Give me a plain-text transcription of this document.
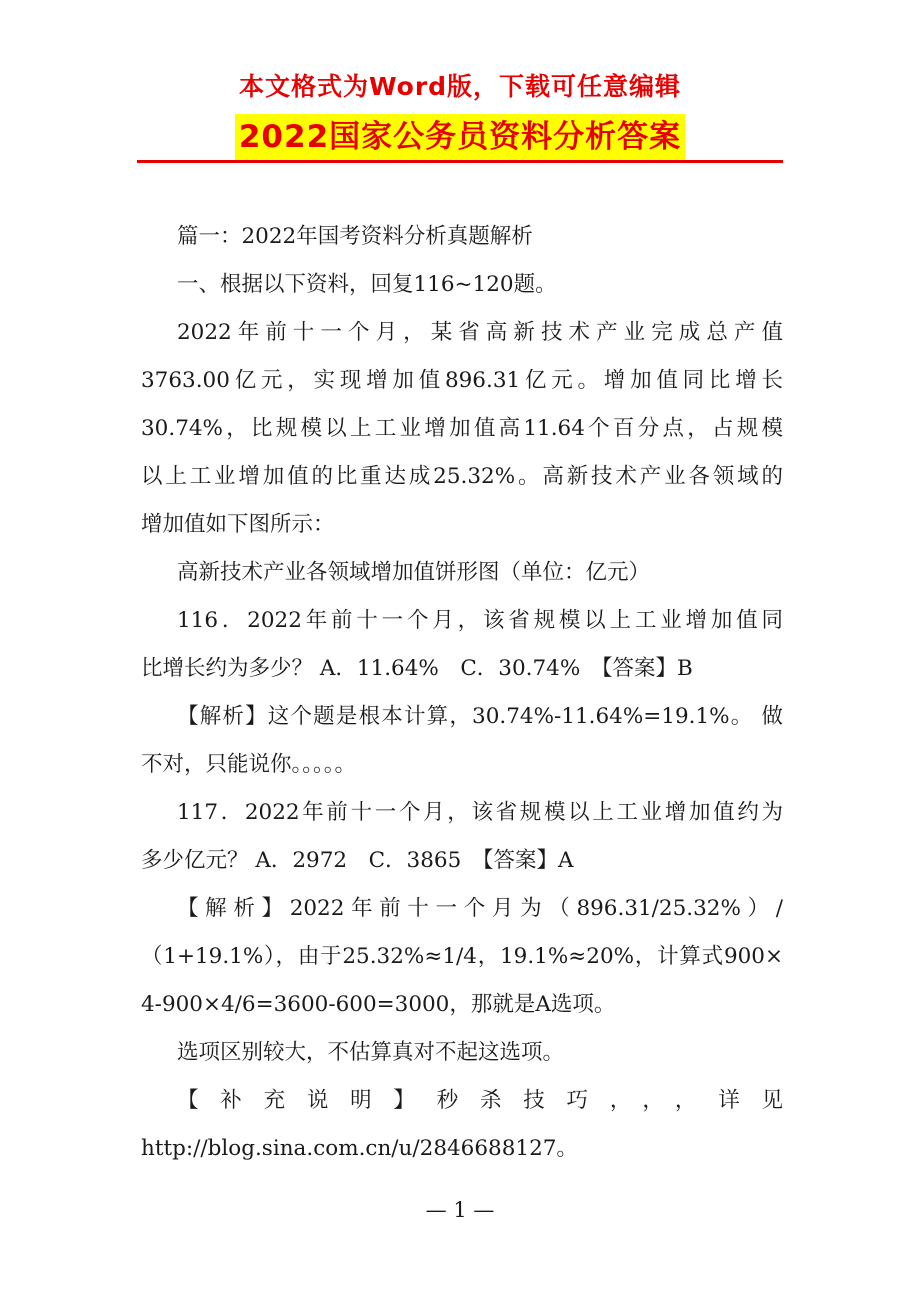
本文格式为Word版，下载可任意编辑
2022国家公务员资料分析答案
篇一：2022年国考资料分析真题解析
一、根据以下资料，回复116~120题。
2022年前十一个月，某省高新技术产业完成总产值
3763.00亿元，实现增加值896.31亿元。增加值同比增长
30.74%，比规模以上工业增加值高11.64个百分点，占规模
以上工业增加值的比重达成25.32%。高新技术产业各领域的
增加值如下图所示：
高新技术产业各领域增加值饼形图（单位：亿元）
116．2022年前十一个月，该省规模以上工业增加值同
比增长约为多少？ A．11.64%　C．30.74%　【答案】B
【解析】这个题是根本计算，30.74%-11.64%=19.1%。 做
不对，只能说你。。。。。
117．2022年前十一个月，该省规模以上工业增加值约为
多少亿元？ A．2972　C．3865　【答案】A
【解析】2022年前十一个月为（896.31/25.32%）/
（1+19.1%），由于25.32%≈1/4，19.1%≈20%，计算式900×
4-900×4/6=3600-600=3000，那就是A选项。
选项区别较大，不估算真对不起这选项。
【补充说明】秒杀技巧，，，详见
http://blog.sina.com.cn/u/2846688127。
— 1 —
